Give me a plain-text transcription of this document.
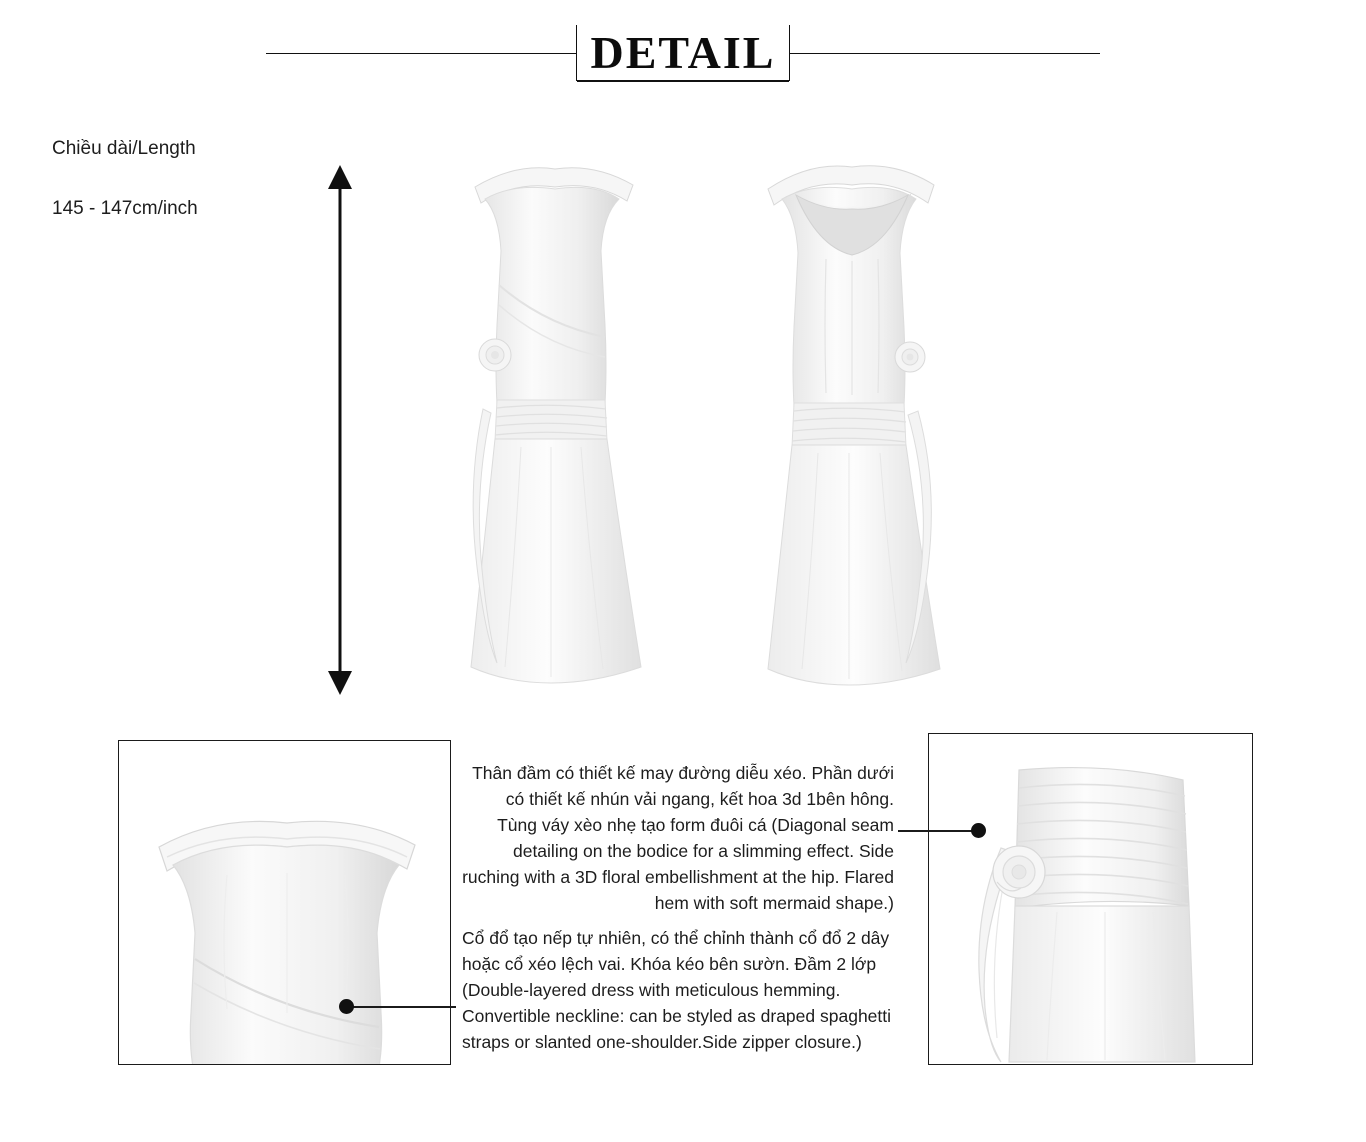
DETAIL

Chiều dài/Length

145 - 147cm/inch

Thân đầm có thiết kế may đường diễu xéo. Phần dưới có thiết kế nhún vải ngang, kết hoa 3d 1bên hông. Tùng váy xèo nhẹ tạo form đuôi cá (Diagonal seam detailing on the bodice for a slimming effect. Side ruching with a 3D floral embellishment at the hip. Flared hem with soft mermaid shape.)
Cổ đổ tạo nếp tự nhiên, có thể chỉnh thành cổ đổ 2 dây hoặc cổ xéo lệch vai. Khóa kéo bên sườn. Đầm 2 lớp (Double-layered dress with meticulous hemming. Convertible neckline: can be styled as draped spaghetti straps or slanted one-shoulder.Side zipper closure.)
